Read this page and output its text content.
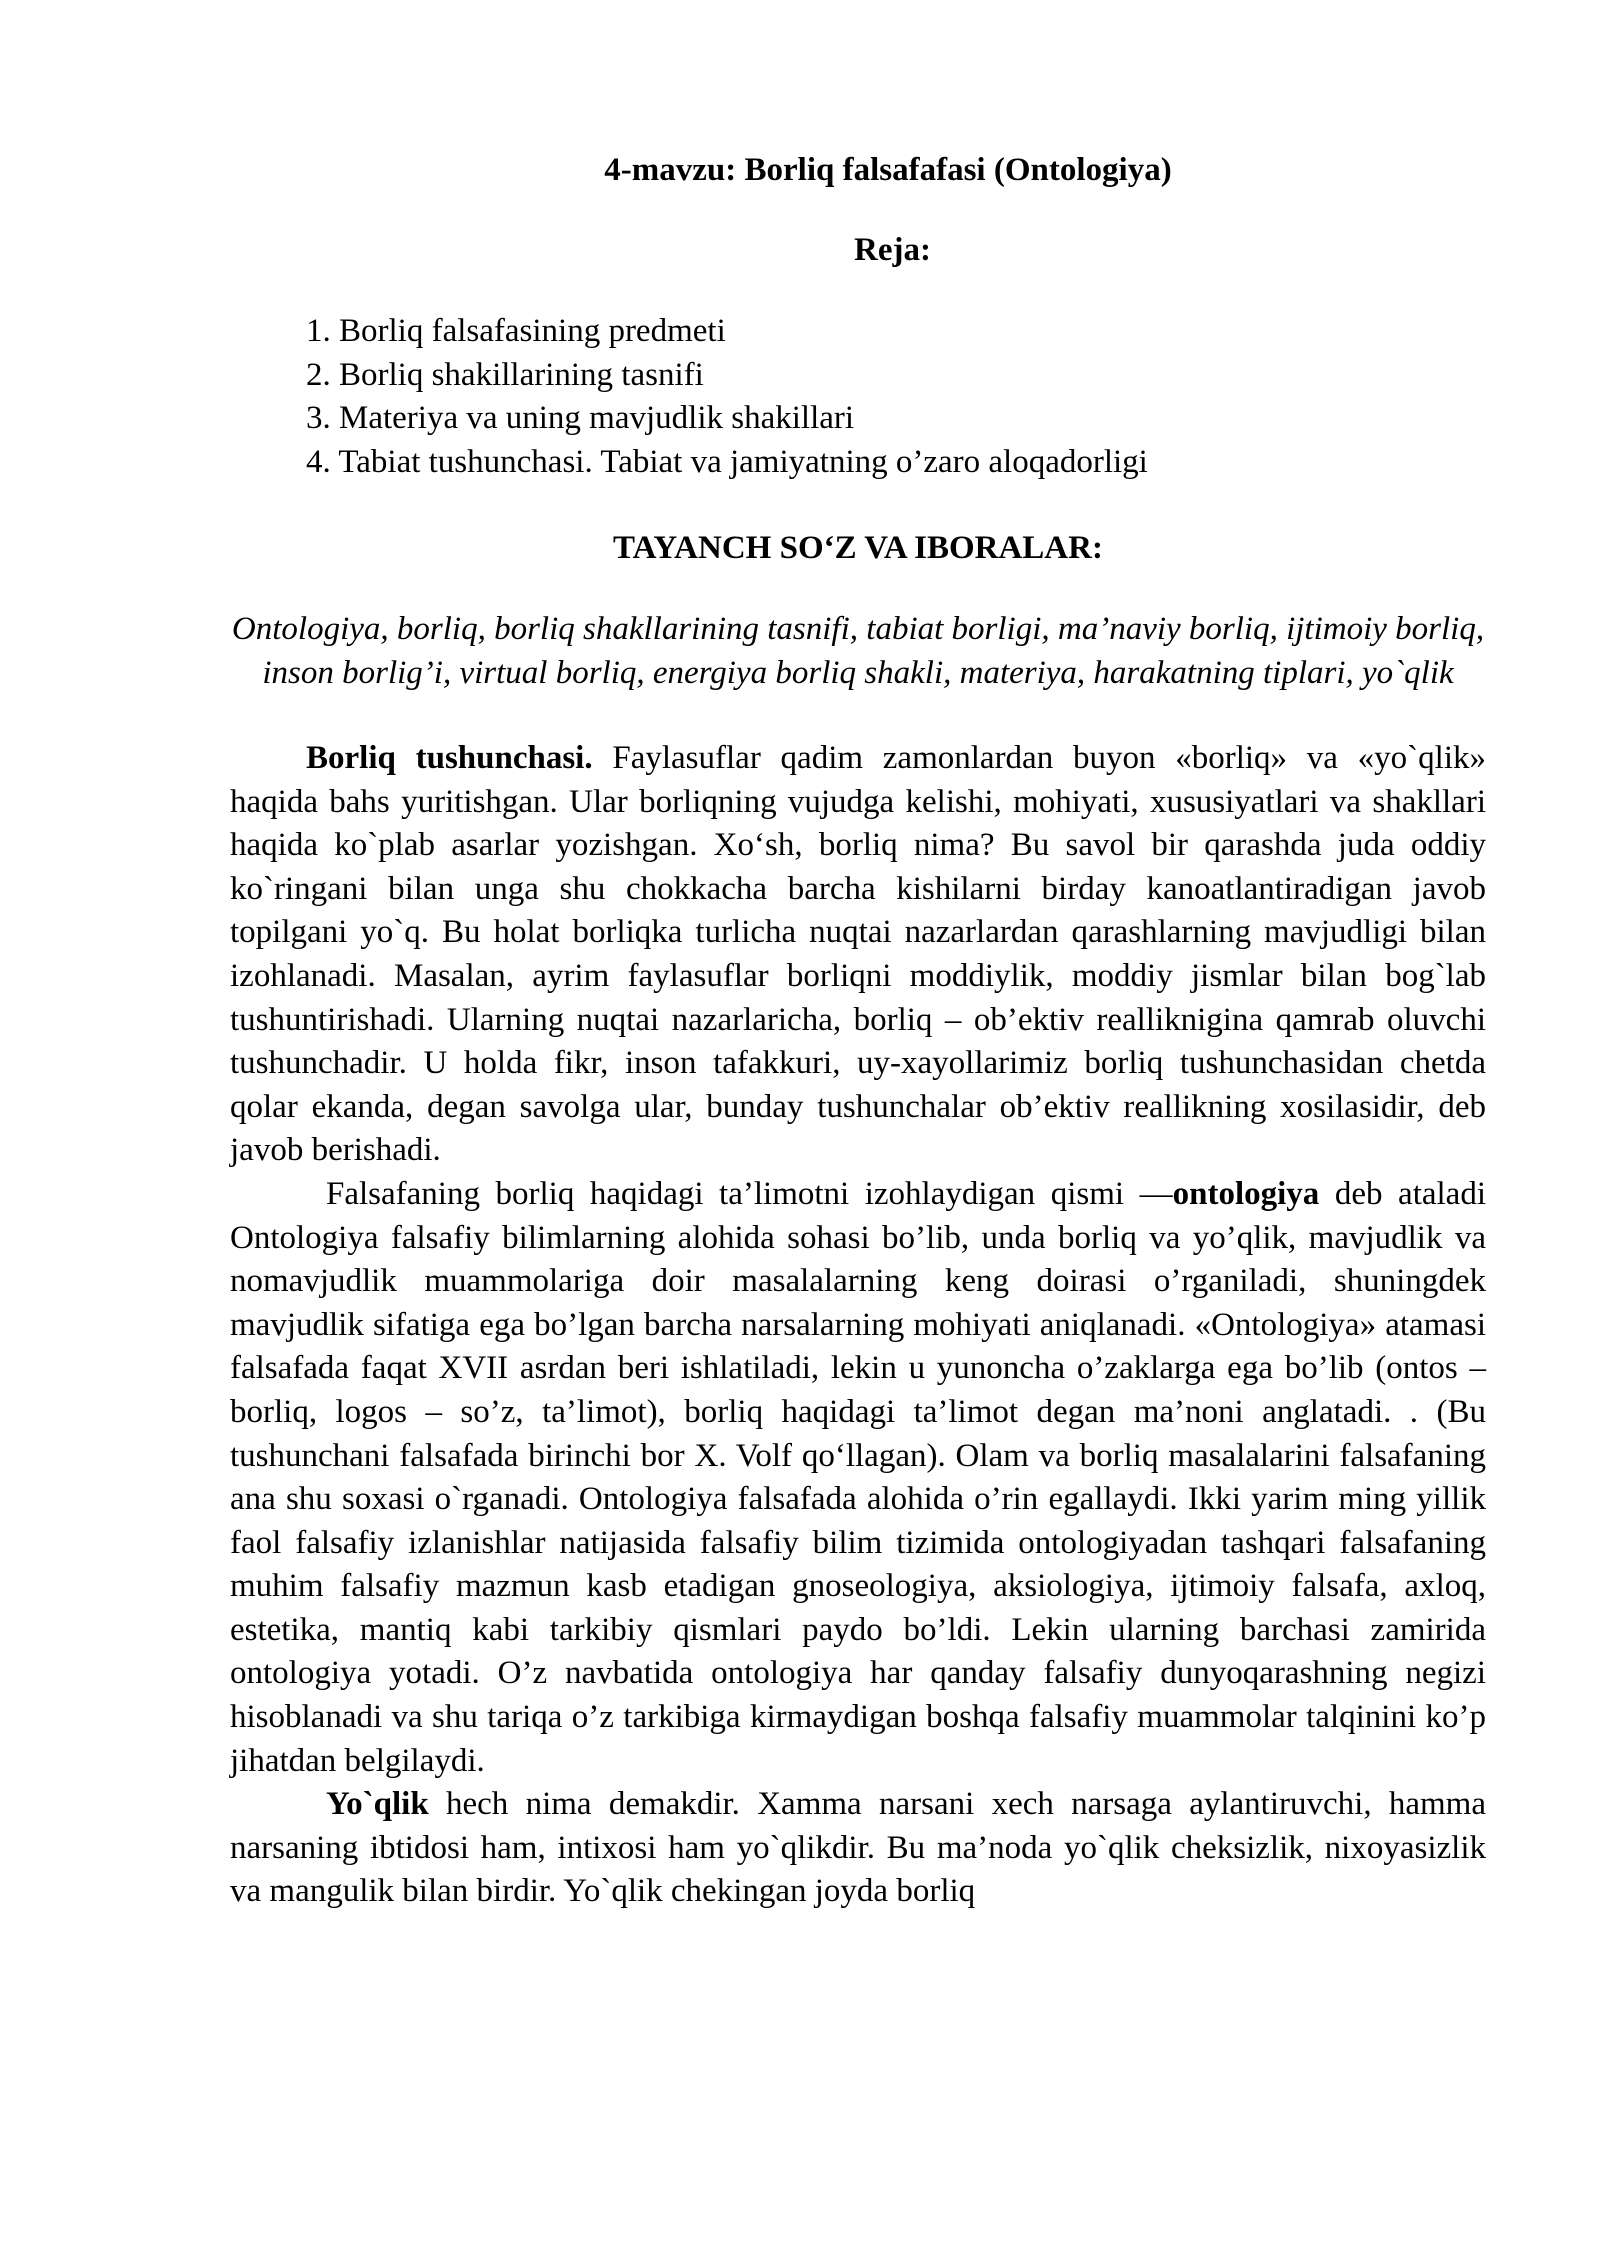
4-mavzu: Borliq falsafafasi (Ontologiya)
Reja:
1. Borliq falsafasining predmeti
2. Borliq shakillarining tasnifi
3. Materiya va uning mavjudlik shakillari
4. Tabiat tushunchasi. Tabiat va jamiyatning o’zaro aloqadorligi
TAYANCH SO‘Z VA IBORALAR:
Ontologiya, borliq, borliq shakllarining tasnifi, tabiat borligi, ma’naviy borliq, ijtimoiy borliq, inson borlig’i, virtual borliq, energiya borliq shakli, materiya, harakatning tiplari, yo`qlik

Borliq tushunchasi. Faylasuflar qadim zamonlardan buyon «borliq» va «yo`qlik» haqida bahs yuritishgan. Ular borliqning vujudga kelishi, mohiyati, xususiyatlari va shakllari haqida ko`plab asarlar yozishgan. Xo‘sh, borliq nima? Bu savol bir qarashda juda oddiy ko`ringani bilan unga shu chokkacha barcha kishilarni birday kanoatlantiradigan javob topilgani yo`q. Bu holat borliqka turlicha nuqtai nazarlardan qarashlarning mavjudligi bilan izohlanadi. Masalan, ayrim faylasuflar borliqni moddiylik, moddiy jismlar bilan bog`lab tushuntirishadi. Ularning nuqtai nazarlaricha, borliq – ob’ektiv reallikniginа qamrab oluvchi tushunchadir. U holda fikr, inson tafakkuri, uy-xayollarimiz borliq tushunchasidan chetda qolar ekanda, degan savolga ular, bunday tushunchalar ob’ektiv reallikning xosilasidir, deb javob berishadi.

Falsafaning borliq haqidagi ta’limotni izohlaydigan qismi —ontologiya deb ataladi Ontologiya falsafiy bilimlarning alohida sohasi bo’lib, unda borliq va yo’qlik, mavjudlik va nomavjudlik muammolariga doir masalalarning keng doirasi o’rganiladi, shuningdek mavjudlik sifatiga ega bo’lgan barcha narsalarning mohiyati aniqlanadi. «Ontologiya» atamasi falsafada faqat XVII asrdan beri ishlatiladi, lekin u yunoncha o’zaklarga ega bo’lib (ontos – borliq, logos – so’z, ta’limot), borliq haqidagi ta’limot degan ma’noni anglatadi. . (Bu tushunchani falsafada birinchi bor X. Volf qo‘llagan). Olam va borliq masalalarini falsafaning ana shu soxasi o`rganadi. Ontologiya falsafada alohida o’rin egallaydi. Ikki yarim ming yillik faol falsafiy izlanishlar natijasida falsafiy bilim tizimida ontologiyadan tashqari falsafaning muhim falsafiy mazmun kasb etadigan gnoseologiya, aksiologiya, ijtimoiy falsafa, axloq, estetika, mantiq kabi tarkibiy qismlari paydo bo’ldi. Lekin ularning barchasi zamirida ontologiya yotadi. O’z navbatida ontologiya har qanday falsafiy dunyoqarashning negizi hisoblanadi va shu tariqa o’z tarkibiga kirmaydigan boshqa falsafiy muammolar talqinini ko’p jihatdan belgilaydi.

Yo`qlik hech nima demakdir. Xamma narsani xech narsaga aylantiruvchi, hamma narsaning ibtidosi ham, intixosi ham yo`qlikdir. Bu ma’noda yo`qlik cheksizlik, nixoyasizlik va mangulik bilan birdir. Yo`qlik chekingan joyda borliq
